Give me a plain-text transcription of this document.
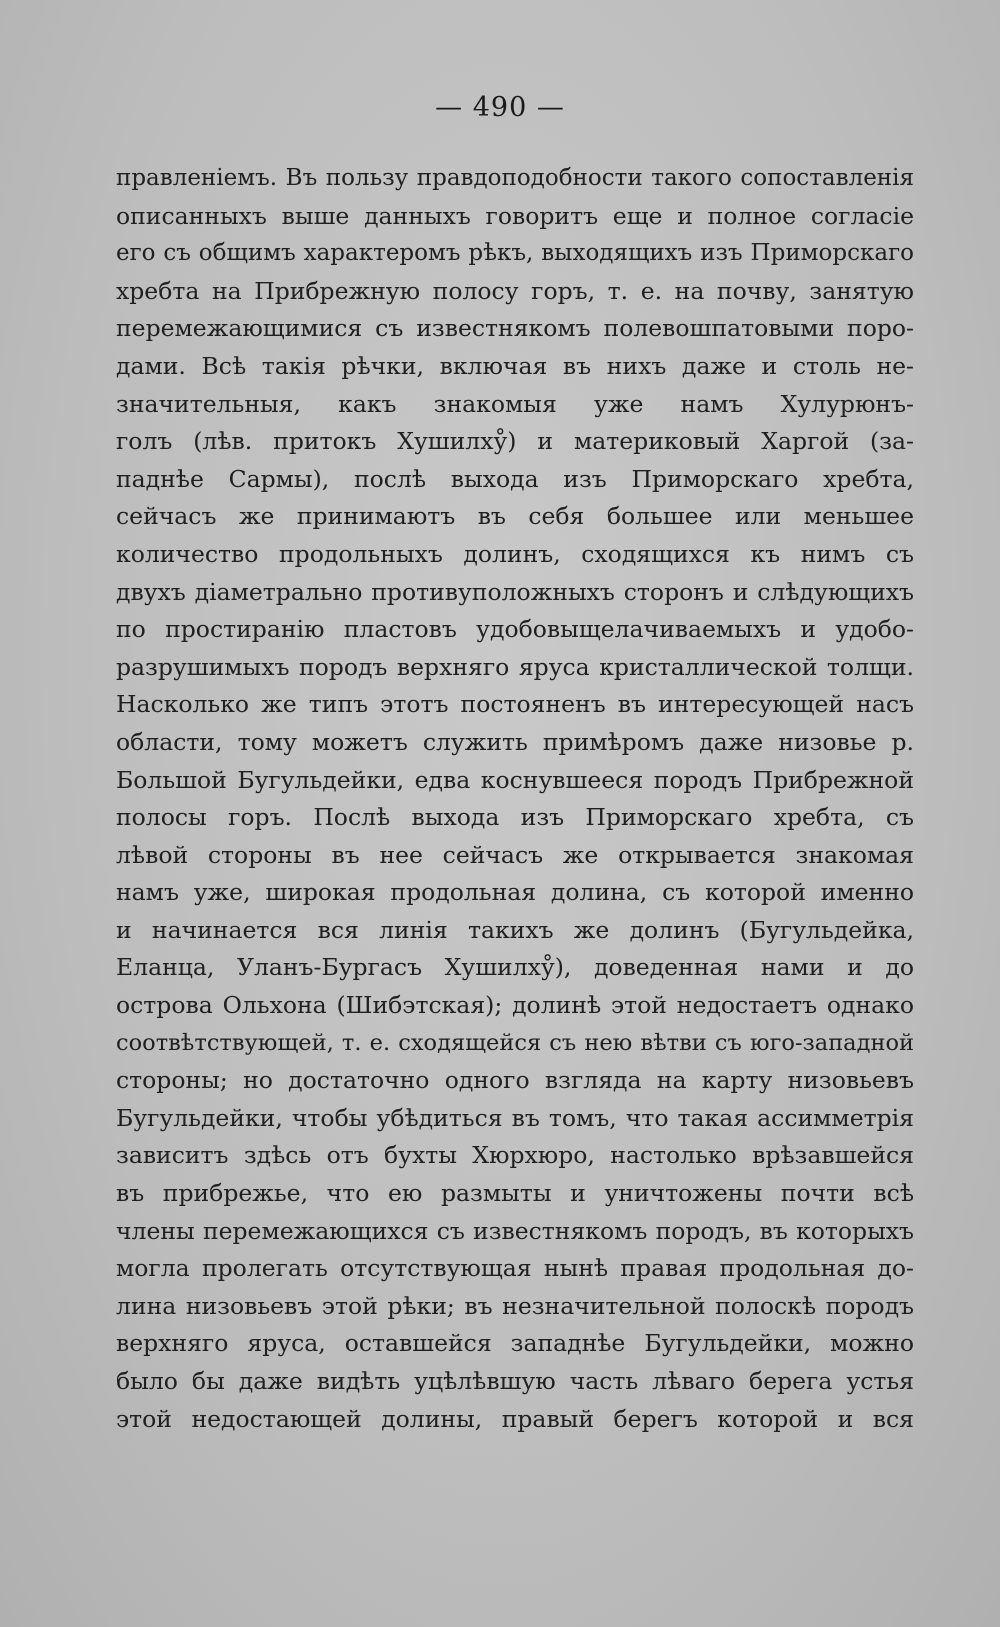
— 490 —
правленіемъ. Въ пользу правдоподобности такого сопоставленія
описанныхъ выше данныхъ говоритъ еще и полное согласіе
его съ общимъ характеромъ рѣкъ, выходящихъ изъ Приморскаго
хребта на Прибрежную полосу горъ, т. е. на почву, занятую
перемежающимися съ известнякомъ полевошпатовыми поро-
дами. Всѣ такія рѣчки, включая въ нихъ даже и столь не-
значительныя, какъ знакомыя уже намъ Хулурюнъ-
голъ (лѣв. притокъ Хушилху̊) и материковый Харгой (за-
паднѣе Сармы), послѣ выхода изъ Приморскаго хребта,
сейчасъ же принимаютъ въ себя большее или меньшее
количество продольныхъ долинъ, сходящихся къ нимъ съ
двухъ діаметрально противуположныхъ сторонъ и слѣдующихъ
по простиранію пластовъ удобовыщелачиваемыхъ и удобо-
разрушимыхъ породъ верхняго яруса кристаллической толщи.
Насколько же типъ этотъ постояненъ въ интересующей насъ
области, тому можетъ служить примѣромъ даже низовье р.
Большой Бугульдейки, едва коснувшееся породъ Прибрежной
полосы горъ. Послѣ выхода изъ Приморскаго хребта, съ
лѣвой стороны въ нее сейчасъ же открывается знакомая
намъ уже, широкая продольная долина, съ которой именно
и начинается вся линія такихъ же долинъ (Бугульдейка,
Еланца, Уланъ-Бургасъ Хушилху̊), доведенная нами и до
острова Ольхона (Шибэтская); долинѣ этой недостаетъ однако
соотвѣтствующей, т. е. сходящейся съ нею вѣтви съ юго-западной
стороны; но достаточно одного взгляда на карту низовьевъ
Бугульдейки, чтобы убѣдиться въ томъ, что такая ассимметрія
зависитъ здѣсь отъ бухты Хюрхюро, настолько врѣзавшейся
въ прибрежье, что ею размыты и уничтожены почти всѣ
члены перемежающихся съ известнякомъ породъ, въ которыхъ
могла пролегать отсутствующая нынѣ правая продольная до-
лина низовьевъ этой рѣки; въ незначительной полоскѣ породъ
верхняго яруса, оставшейся западнѣе Бугульдейки, можно
было бы даже видѣть уцѣлѣвшую часть лѣваго берега устья
этой недостающей долины, правый берегъ которой и вся
